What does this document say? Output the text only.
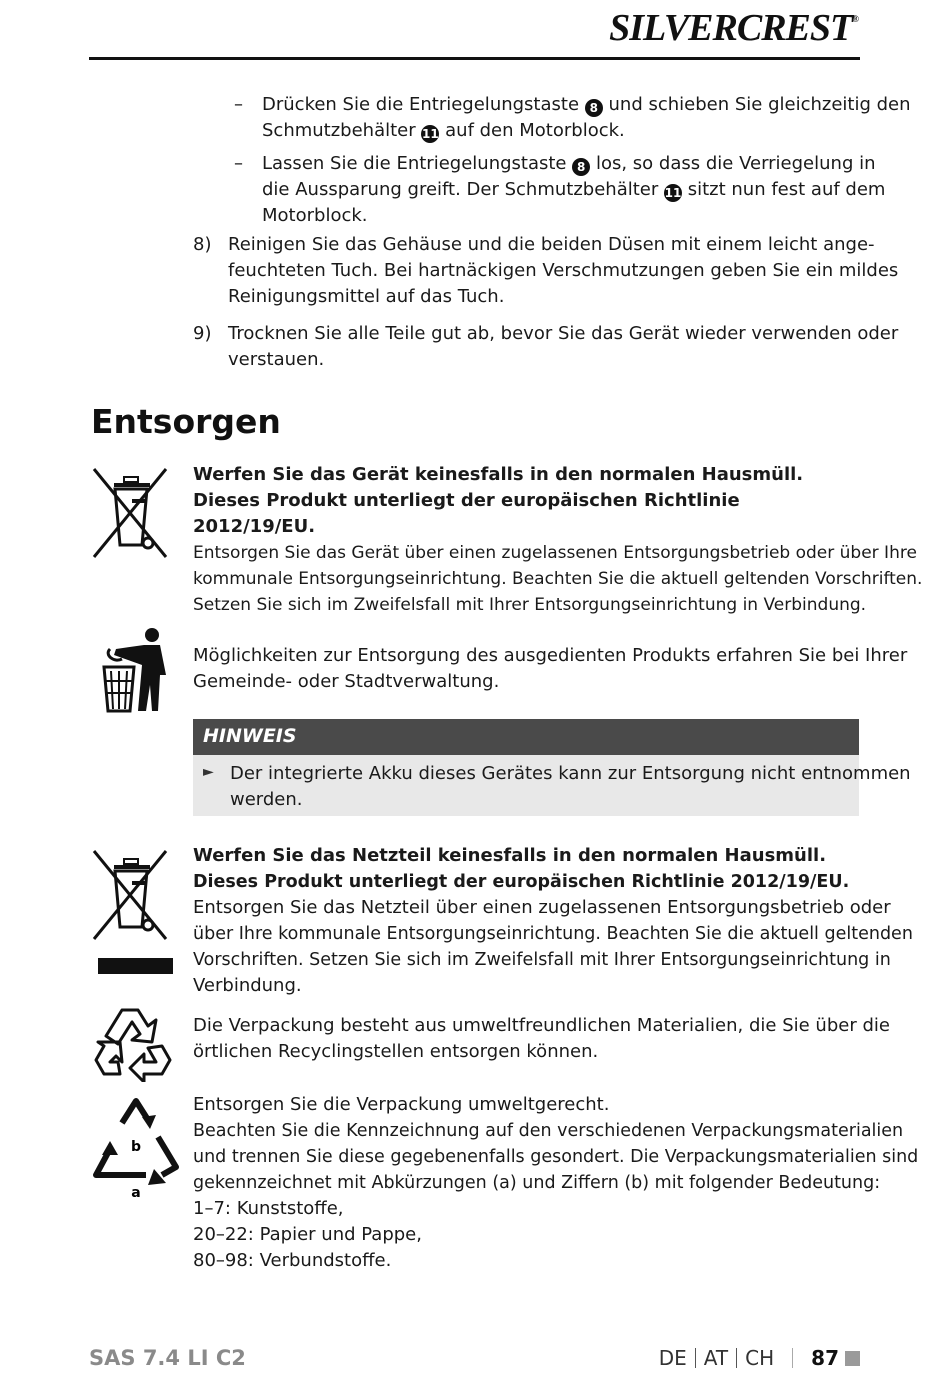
SILVERCREST®
– Drücken Sie die Entriegelungstaste 8 und schieben Sie gleichzeitig den
Schmutzbehälter 11 auf den Motorblock.
– Lassen Sie die Entriegelungstaste 8 los, so dass die Verriegelung in
die Aussparung greift. Der Schmutzbehälter 11 sitzt nun fest auf dem
Motorblock.
8) Reinigen Sie das Gehäuse und die beiden Düsen mit einem leicht ange-
feuchteten Tuch. Bei hartnäckigen Verschmutzungen geben Sie ein mildes
Reinigungsmittel auf das Tuch.
9) Trocknen Sie alle Teile gut ab, bevor Sie das Gerät wieder verwenden oder
verstauen.
Entsorgen
Werfen Sie das Gerät keinesfalls in den normalen Hausmüll.
Dieses Produkt unterliegt der europäischen Richtlinie
2012/19/EU.
Entsorgen Sie das Gerät über einen zugelassenen Entsorgungsbetrieb oder über Ihre
kommunale Entsorgungseinrichtung. Beachten Sie die aktuell geltenden Vorschriften.
Setzen Sie sich im Zweifelsfall mit Ihrer Entsorgungseinrichtung in Verbindung.
Möglichkeiten zur Entsorgung des ausgedienten Produkts erfahren Sie bei Ihrer
Gemeinde- oder Stadtverwaltung.
HINWEIS
► Der integrierte Akku dieses Gerätes kann zur Entsorgung nicht entnommen
werden.
Werfen Sie das Netzteil keinesfalls in den normalen Hausmüll.
Dieses Produkt unterliegt der europäischen Richtlinie 2012/19/EU.
Entsorgen Sie das Netzteil über einen zugelassenen Entsorgungsbetrieb oder
über Ihre kommunale Entsorgungseinrichtung. Beachten Sie die aktuell geltenden
Vorschriften. Setzen Sie sich im Zweifelsfall mit Ihrer Entsorgungseinrichtung in
Verbindung.
Die Verpackung besteht aus umweltfreundlichen Materialien, die Sie über die
örtlichen Recyclingstellen entsorgen können.
b
a
Entsorgen Sie die Verpackung umweltgerecht.
Beachten Sie die Kennzeichnung auf den verschiedenen Verpackungsmaterialien
und trennen Sie diese gegebenenfalls gesondert. Die Verpackungsmaterialien sind
gekennzeichnet mit Abkürzungen (a) und Ziffern (b) mit folgender Bedeutung:
1–7: Kunststoffe,
20–22: Papier und Pappe,
80–98: Verbundstoffe.
SAS 7.4 LI C2	DE AT CH 87
